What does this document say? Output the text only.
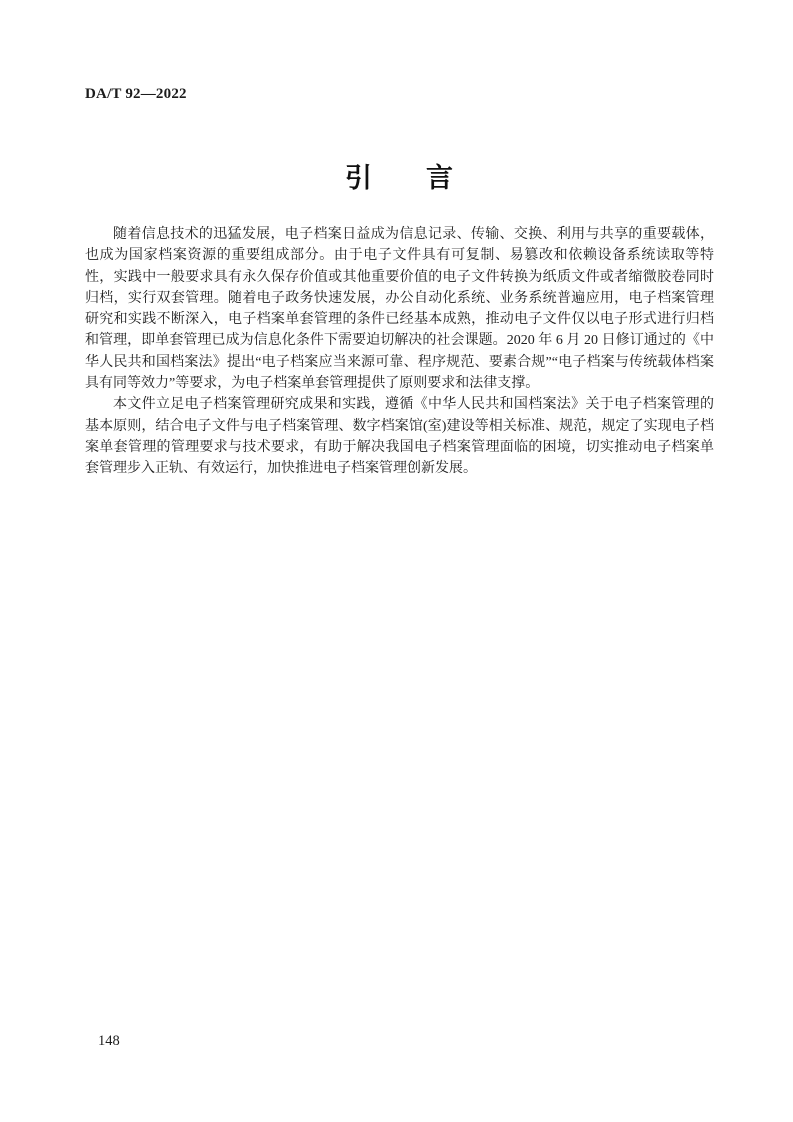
DA/T 92—2022
引　　言

随着信息技术的迅猛发展，电子档案日益成为信息记录、传输、交换、利用与共享的重要载体，也成为国家档案资源的重要组成部分。由于电子文件具有可复制、易篡改和依赖设备系统读取等特性，实践中一般要求具有永久保存价值或其他重要价值的电子文件转换为纸质文件或者缩微胶卷同时归档，实行双套管理。随着电子政务快速发展，办公自动化系统、业务系统普遍应用，电子档案管理研究和实践不断深入，电子档案单套管理的条件已经基本成熟，推动电子文件仅以电子形式进行归档和管理，即单套管理已成为信息化条件下需要迫切解决的社会课题。2020 年 6 月 20 日修订通过的《中华人民共和国档案法》提出“电子档案应当来源可靠、程序规范、要素合规”“电子档案与传统载体档案具有同等效力”等要求，为电子档案单套管理提供了原则要求和法律支撑。

本文件立足电子档案管理研究成果和实践，遵循《中华人民共和国档案法》关于电子档案管理的基本原则，结合电子文件与电子档案管理、数字档案馆(室)建设等相关标准、规范，规定了实现电子档案单套管理的管理要求与技术要求，有助于解决我国电子档案管理面临的困境，切实推动电子档案单套管理步入正轨、有效运行，加快推进电子档案管理创新发展。

148
